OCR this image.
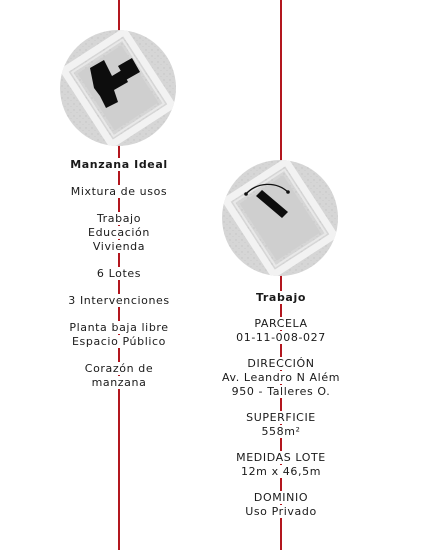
Manzana Ideal
Mixtura de usos
Trabajo
Educación
Vivienda
6 Lotes
3 Intervenciones
Planta baja libre
Espacio Público
Corazón de
manzana
Trabajo
PARCELA
01-11-008-027
DIRECCIÓN
Av. Leandro N Além
950 - Talleres O.
SUPERFICIE
558m²
MEDIDAS LOTE
12m x 46,5m
DOMINIO
Uso Privado
